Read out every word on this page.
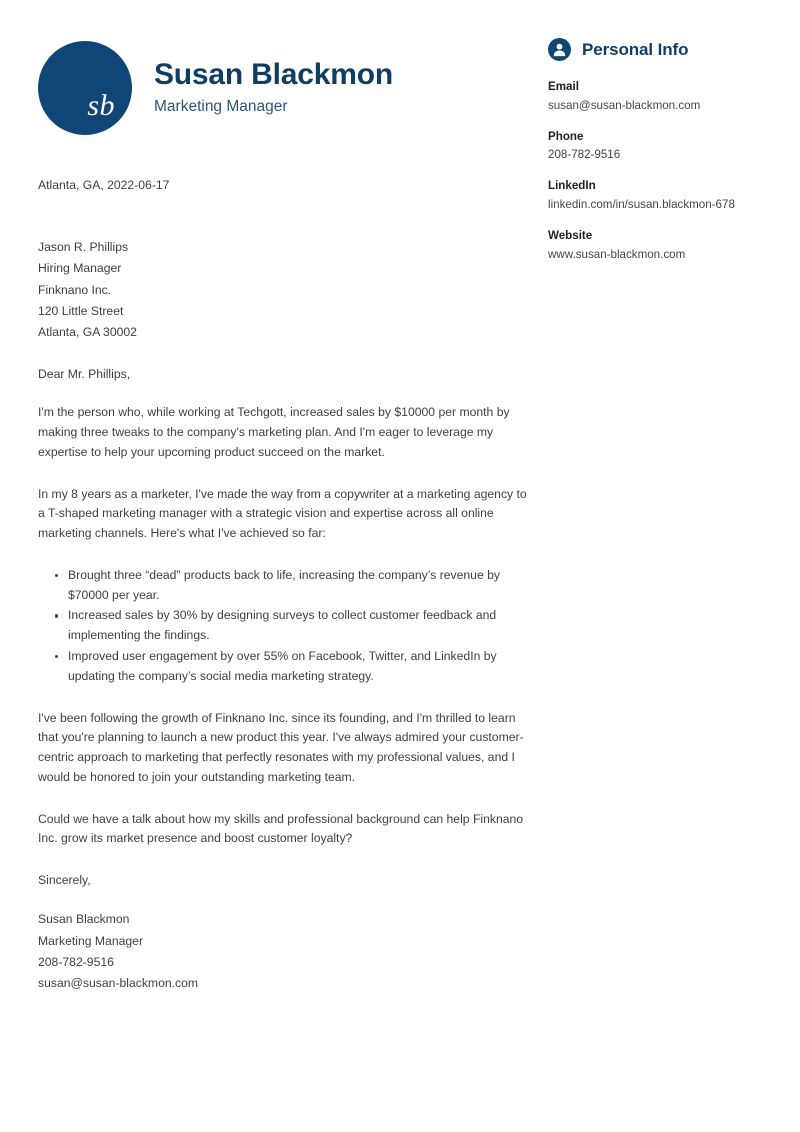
sb
Susan Blackmon

Marketing Manager

Atlanta, GA, 2022-06-17
Jason R. Phillips
Hiring Manager
Finknano Inc.
120 Little Street
Atlanta, GA 30002
Dear Mr. Phillips,

I'm the person who, while working at Techgott, increased sales by $10000 per month by making three tweaks to the company's marketing plan. And I'm eager to leverage my expertise to help your upcoming product succeed on the market.

In my 8 years as a marketer, I've made the way from a copywriter at a marketing agency to a T-shaped marketing manager with a strategic vision and expertise across all online marketing channels. Here's what I've achieved so far:

Brought three “dead” products back to life, increasing the company’s revenue by $70000 per year.
Increased sales by 30% by designing surveys to collect customer feedback and implementing the findings.
Improved user engagement by over 55% on Facebook, Twitter, and LinkedIn by updating the company’s social media marketing strategy.

I've been following the growth of Finknano Inc. since its founding, and I'm thrilled to learn that you're planning to launch a new product this year. I've always admired your customer-centric approach to marketing that perfectly resonates with my professional values, and I would be honored to join your outstanding marketing team.

Could we have a talk about how my skills and professional background can help Finknano Inc. grow its market presence and boost customer loyalty?

Sincerely,
Susan Blackmon
Marketing Manager
208-782-9516
susan@susan-blackmon.com
Personal Info
Email
susan@susan-blackmon.com
Phone
208-782-9516
LinkedIn
linkedin.com/in/susan.blackmon-678
Website
www.susan-blackmon.com
